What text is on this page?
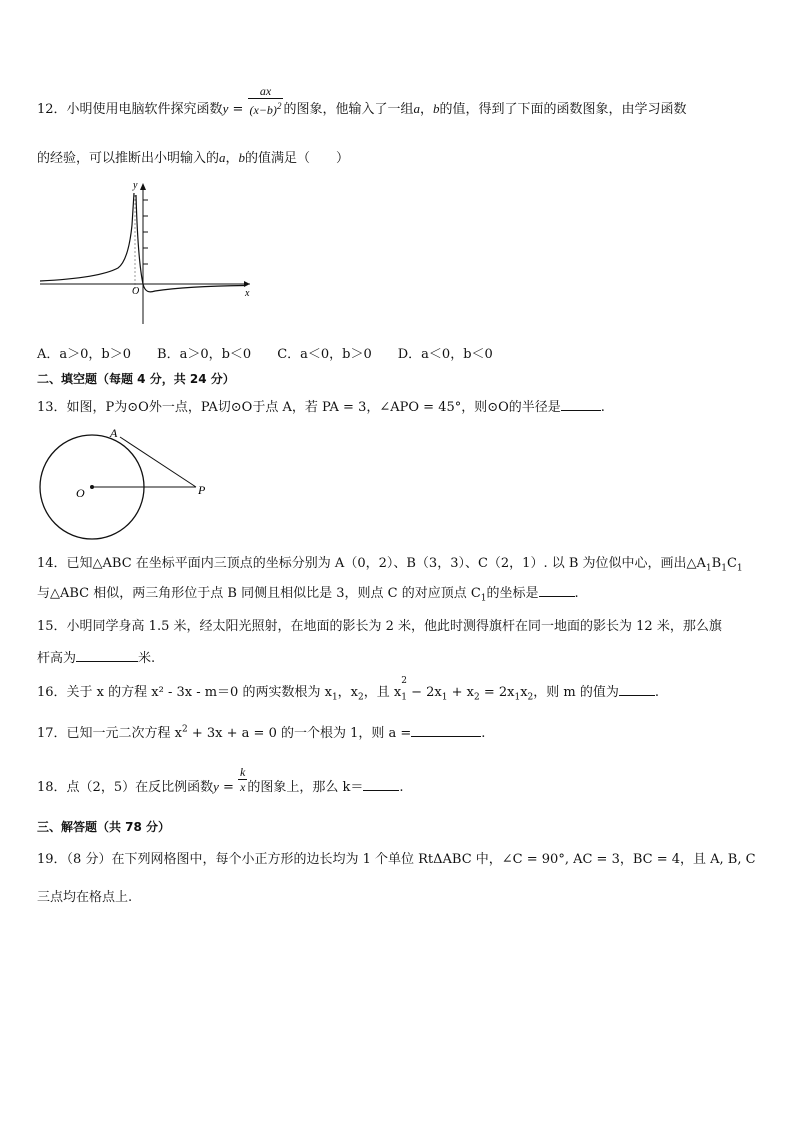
12．小明使用电脑软件探究函数$y = \frac{ax}{(x-b)^2}$ 的图象，他输入了一组a，b的值，得到了下面的函数图象，由学习函数
的经验，可以推断出小明输入的a，b的值满足（　　）
y
x
O
A
O	P
A．a＞0，b＞0 B．a＞0，b＜0 C．a＜0，b＞0 D．a＜0，b＜0
二、填空题（每题 4 分，共 24 分）
13．如图，P为⊙O外一点，PA切⊙O于点 A，若 PA = 3，∠APO = 45°，则⊙O的半径是	.
14．已知△ABC 在坐标平面内三顶点的坐标分别为 A（0，2）、B（3，3）、C（2，1）. 以 B 为位似中心，画出$\triangle A_1B_1C_1$
与△ABC 相似，两三角形位于点 B 同侧且相似比是 3，则点 C 的对应顶点 $C_1$的坐标是	.
15．小明同学身高 1.5 米，经太阳光照射，在地面的影长为 2 米，他此时测得旗杆在同一地面的影长为 12 米，那么旗
杆高为	米.
16．关于 x 的方程 x² - 3x - m＝0 的两实数根为 $x_1$，$x_2$，且 x
2
$_1 - 2x_1 + x_2 = 2x_1x_2$，则 m 的值为	.
17．已知一元二次方程 $x^2 + 3x + a = 0$ 的一个根为 1，则 a =	.
18．点（2，5）在反比例函数$y = \frac{k}{x}$ 的图象上，那么 k＝	.
三、解答题（共 78 分）
19．（8 分）在下列网格图中，每个小正方形的边长均为 1 个单位 RtΔABC 中，∠C = 90°, AC = 3，BC = 4，且 A, B, C
三点均在格点上.
